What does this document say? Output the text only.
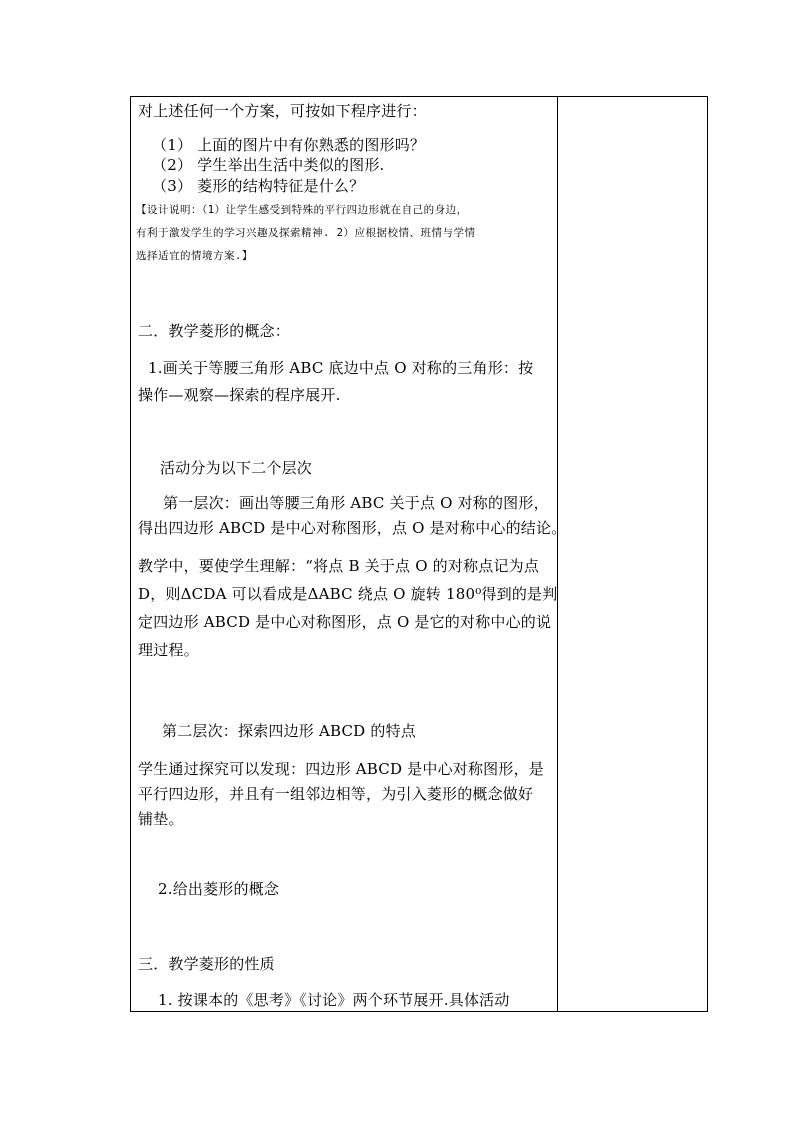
对上述任何一个方案，可按如下程序进行：
（1） 上面的图片中有你熟悉的图形吗？
（2） 学生举出生活中类似的图形.
（3） 菱形的结构特征是什么？
【设计说明：（1）让学生感受到特殊的平行四边形就在自己的身边，
有利于激发学生的学习兴趣及探索精神. 2）应根据校情、班情与学情
选择适宜的情境方案.】
二．教学菱形的概念：
1.画关于等腰三角形 ABC 底边中点 O 对称的三角形：按
操作—观察—探索的程序展开.
活动分为以下二个层次
第一层次：画出等腰三角形 ABC 关于点 O 对称的图形，
得出四边形 ABCD 是中心对称图形，点 O 是对称中心的结论。
教学中，要使学生理解：“将点 B 关于点 O 的对称点记为点
D，则ΔCDA 可以看成是ΔABC 绕点 O 旋转 180⁰得到的是判
定四边形 ABCD 是中心对称图形，点 O 是它的对称中心的说
理过程。
第二层次：探索四边形 ABCD 的特点
学生通过探究可以发现：四边形 ABCD 是中心对称图形，是
平行四边形，并且有一组邻边相等，为引入菱形的概念做好
铺垫。
2.给出菱形的概念
三．教学菱形的性质
1. 按课本的《思考》《讨论》两个环节展开.具体活动
